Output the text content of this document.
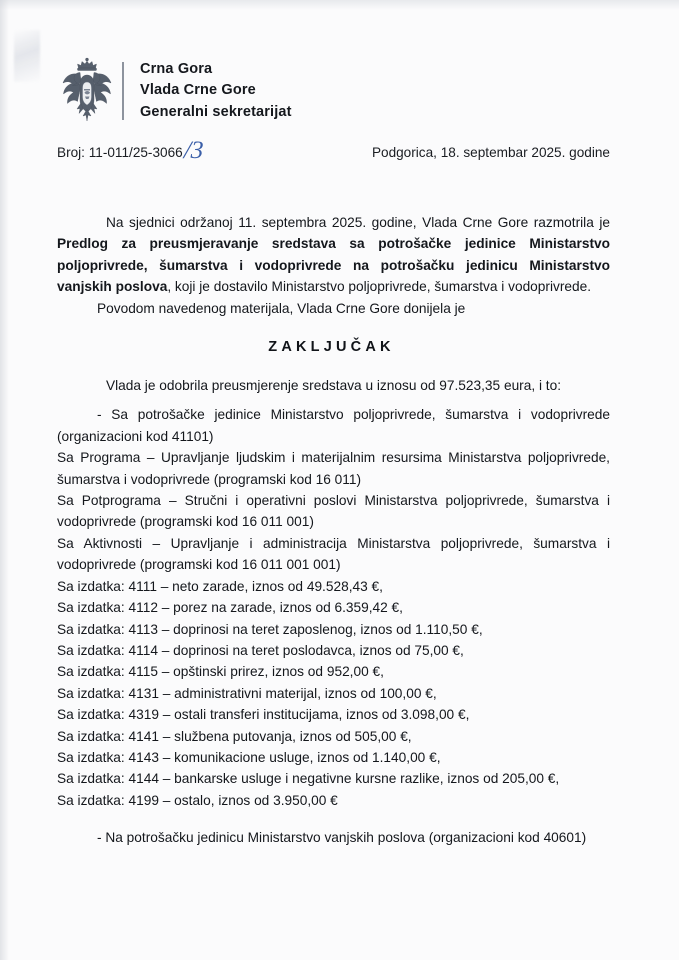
Crna Gora
Vlada Crne Gore
Generalni sekretarijat
Broj: 11-011/25-3066 /3	Podgorica, 18. septembar 2025. godine

Na sjednici održanoj 11. septembra 2025. godine, Vlada Crne Gore razmotrila je Predlog za preusmjeravanje sredstava sa potrošačke jedinice Ministarstvo poljoprivrede, šumarstva i vodoprivrede na potrošačku jedinicu Ministarstvo vanjskih poslova, koji je dostavilo Ministarstvo poljoprivrede, šumarstva i vodoprivrede.

Povodom navedenog materijala, Vlada Crne Gore donijela je

ZAKLJUČAK

Vlada je odobrila preusmjerenje sredstava u iznosu od 97.523,35 eura, i to:

- Sa potrošačke jedinice Ministarstvo poljoprivrede, šumarstva i vodoprivrede (organizacioni kod 41101)

Sa Programa – Upravljanje ljudskim i materijalnim resursima Ministarstva poljoprivrede, šumarstva i vodoprivrede (programski kod 16 011)

Sa Potprograma – Stručni i operativni poslovi Ministarstva poljoprivrede, šumarstva i vodoprivrede (programski kod 16 011 001)

Sa Aktivnosti – Upravljanje i administracija Ministarstva poljoprivrede, šumarstva i vodoprivrede (programski kod 16 011 001 001)

Sa izdatka: 4111 – neto zarade, iznos od 49.528,43 €,

Sa izdatka: 4112 – porez na zarade, iznos od 6.359,42 €,

Sa izdatka: 4113 – doprinosi na teret zaposlenog, iznos od 1.110,50 €,

Sa izdatka: 4114 – doprinosi na teret poslodavca, iznos od 75,00 €,

Sa izdatka: 4115 – opštinski prirez, iznos od 952,00 €,

Sa izdatka: 4131 – administrativni materijal, iznos od 100,00 €,

Sa izdatka: 4319 – ostali transferi institucijama, iznos od 3.098,00 €,

Sa izdatka: 4141 – službena putovanja, iznos od 505,00 €,

Sa izdatka: 4143 – komunikacione usluge, iznos od 1.140,00 €,

Sa izdatka: 4144 – bankarske usluge i negativne kursne razlike, iznos od 205,00 €,

Sa izdatka: 4199 – ostalo, iznos od 3.950,00 €

- Na potrošačku jedinicu Ministarstvo vanjskih poslova (organizacioni kod 40601)
